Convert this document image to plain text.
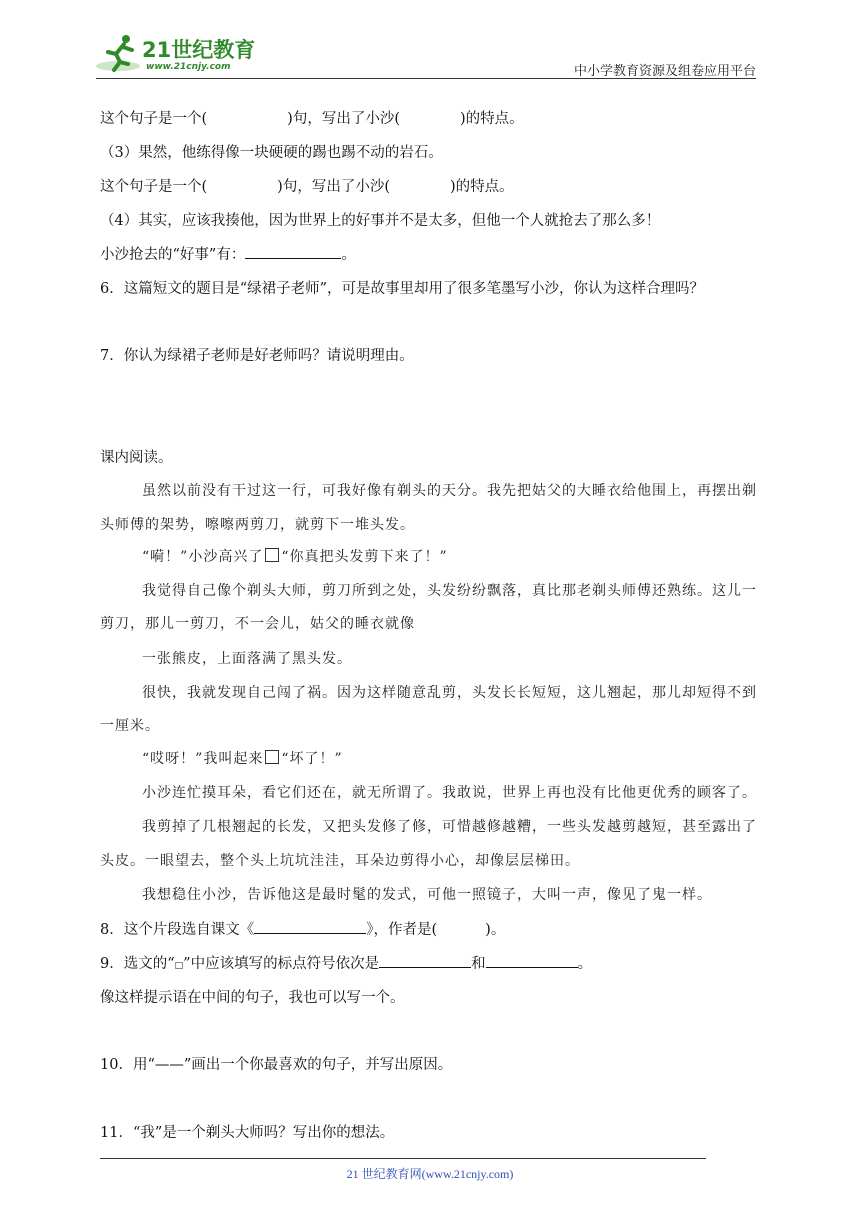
21世纪教育
www.21cnjy.com	中小学教育资源及组卷应用平台
这个句子是一个(	)句，写出了小沙(	)的特点。
（3）果然，他练得像一块硬硬的踢也踢不动的岩石。
这个句子是一个(	)句，写出了小沙(	)的特点。
（4）其实，应该我揍他，因为世界上的好事并不是太多，但他一个人就抢去了那么多！
小沙抢去的“好事”有：	。
6．这篇短文的题目是“绿裙子老师”，可是故事里却用了很多笔墨写小沙，你认为这样合理吗？
7．你认为绿裙子老师是好老师吗？请说明理由。
课内阅读。
虽然以前没有干过这一行，可我好像有剃头的天分。我先把姑父的大睡衣给他围上，再摆出剃
头师傅的架势，嚓嚓两剪刀，就剪下一堆头发。
“嗬！”小沙高兴了 “你真把头发剪下来了！”
我觉得自己像个剃头大师，剪刀所到之处，头发纷纷飘落，真比那老剃头师傅还熟练。这儿一
剪刀，那儿一剪刀，不一会儿，姑父的睡衣就像
一张熊皮，上面落满了黑头发。
很快，我就发现自己闯了祸。因为这样随意乱剪，头发长长短短，这儿翘起，那儿却短得不到
一厘米。
“哎呀！”我叫起来 “坏了！”
小沙连忙摸耳朵，看它们还在，就无所谓了。我敢说，世界上再也没有比他更优秀的顾客了。
我剪掉了几根翘起的长发，又把头发修了修，可惜越修越糟，一些头发越剪越短，甚至露出了
头皮。一眼望去，整个头上坑坑洼洼，耳朵边剪得小心，却像层层梯田。
我想稳住小沙，告诉他这是最时髦的发式，可他一照镜子，大叫一声，像见了鬼一样。
8．这个片段选自课文《	》，作者是(	)。
9．选文的“□”中应该填写的标点符号依次是	和	。
像这样提示语在中间的句子，我也可以写一个。
10．用“——”画出一个你最喜欢的句子，并写出原因。
11．“我”是一个剃头大师吗？写出你的想法。
21 世纪教育网(www.21cnjy.com)
